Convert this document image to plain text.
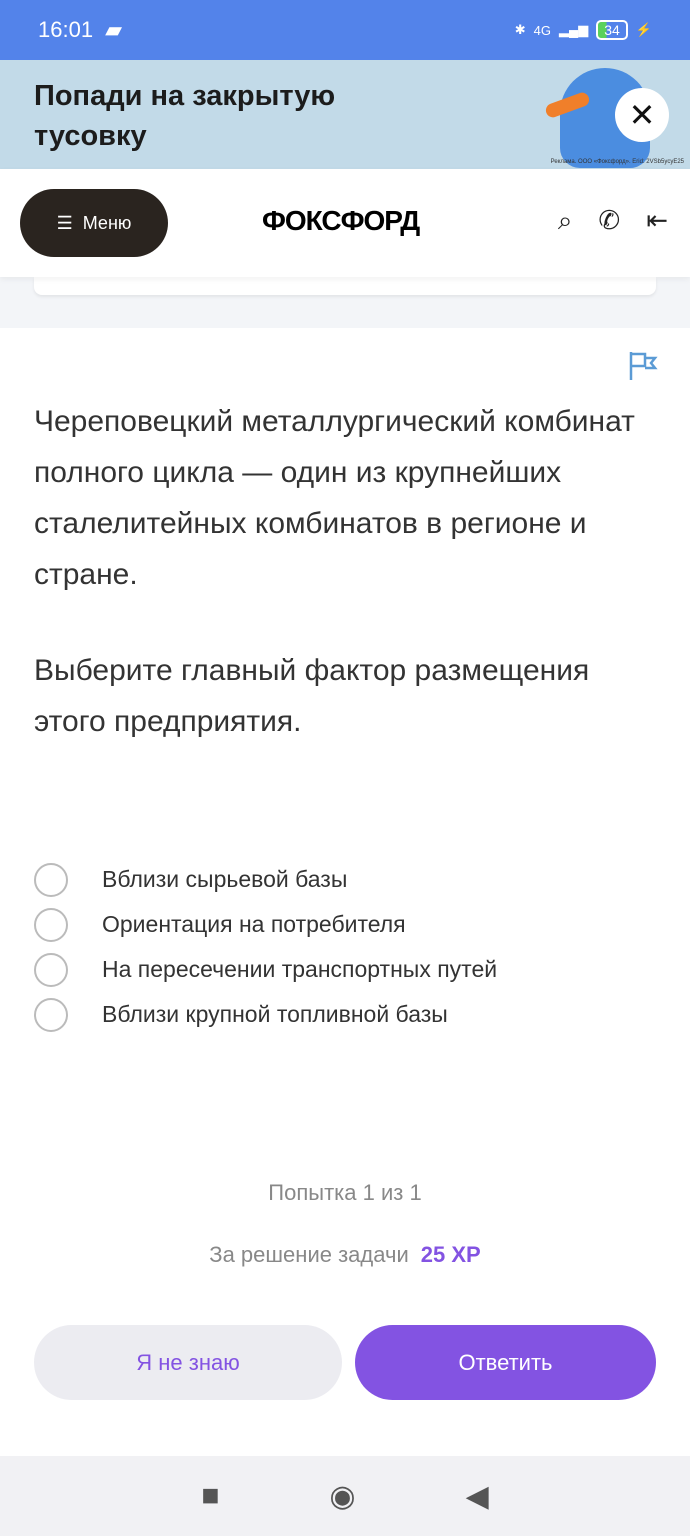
16:01 ▰	✱ 4G ▂▄▆	34	⚡
Попади на закрытую тусовку
✕
Реклама. ООО «Фоксфорд». Erid: 2VSb5ycyE25
☰ Меню	ФОКСФОРД	⌕ ✆ ⇤
Череповецкий металлургический комбинат полного цикла — один из крупнейших сталелитейных комбинатов в регионе и стране.
Выберите главный фактор размещения этого предприятия.
Вблизи сырьевой базы
Ориентация на потребителя
На пересечении транспортных путей
Вблизи крупной топливной базы
Попытка 1 из 1
За решение задачи 25 XP
Я не знаю	Ответить
■	◉	◀
